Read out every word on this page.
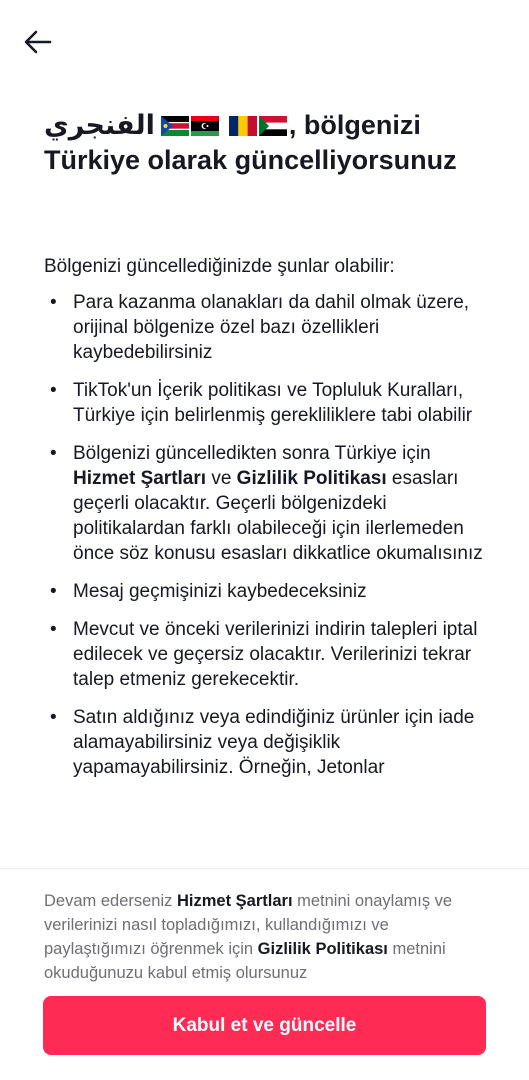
الفنجري	, bölgenizi Türkiye olarak güncelliyorsunuz

Bölgenizi güncellediğinizde şunlar olabilir:

• Para kazanma olanakları da dahil olmak üzere, orijinal bölgenize özel bazı özellikleri kaybedebilirsiniz
• TikTok'un İçerik politikası ve Topluluk Kuralları, Türkiye için belirlenmiş gerekliliklere tabi olabilir
• Bölgenizi güncelledikten sonra Türkiye için Hizmet Şartları ve Gizlilik Politikası esasları geçerli olacaktır. Geçerli bölgenizdeki politikalardan farklı olabileceği için ilerlemeden önce söz konusu esasları dikkatlice okumalısınız
• Mesaj geçmişinizi kaybedeceksiniz
• Mevcut ve önceki verilerinizi indirin talepleri iptal edilecek ve geçersiz olacaktır. Verilerinizi tekrar talep etmeniz gerekecektir.
• Satın aldığınız veya edindiğiniz ürünler için iade alamayabilirsiniz veya değişiklik yapamayabilirsiniz. Örneğin, Jetonlar

Devam ederseniz Hizmet Şartları metnini onaylamış ve verilerinizi nasıl topladığımızı, kullandığımızı ve paylaştığımızı öğrenmek için Gizlilik Politikası metnini okuduğunuzu kabul etmiş olursunuz

Kabul et ve güncelle
